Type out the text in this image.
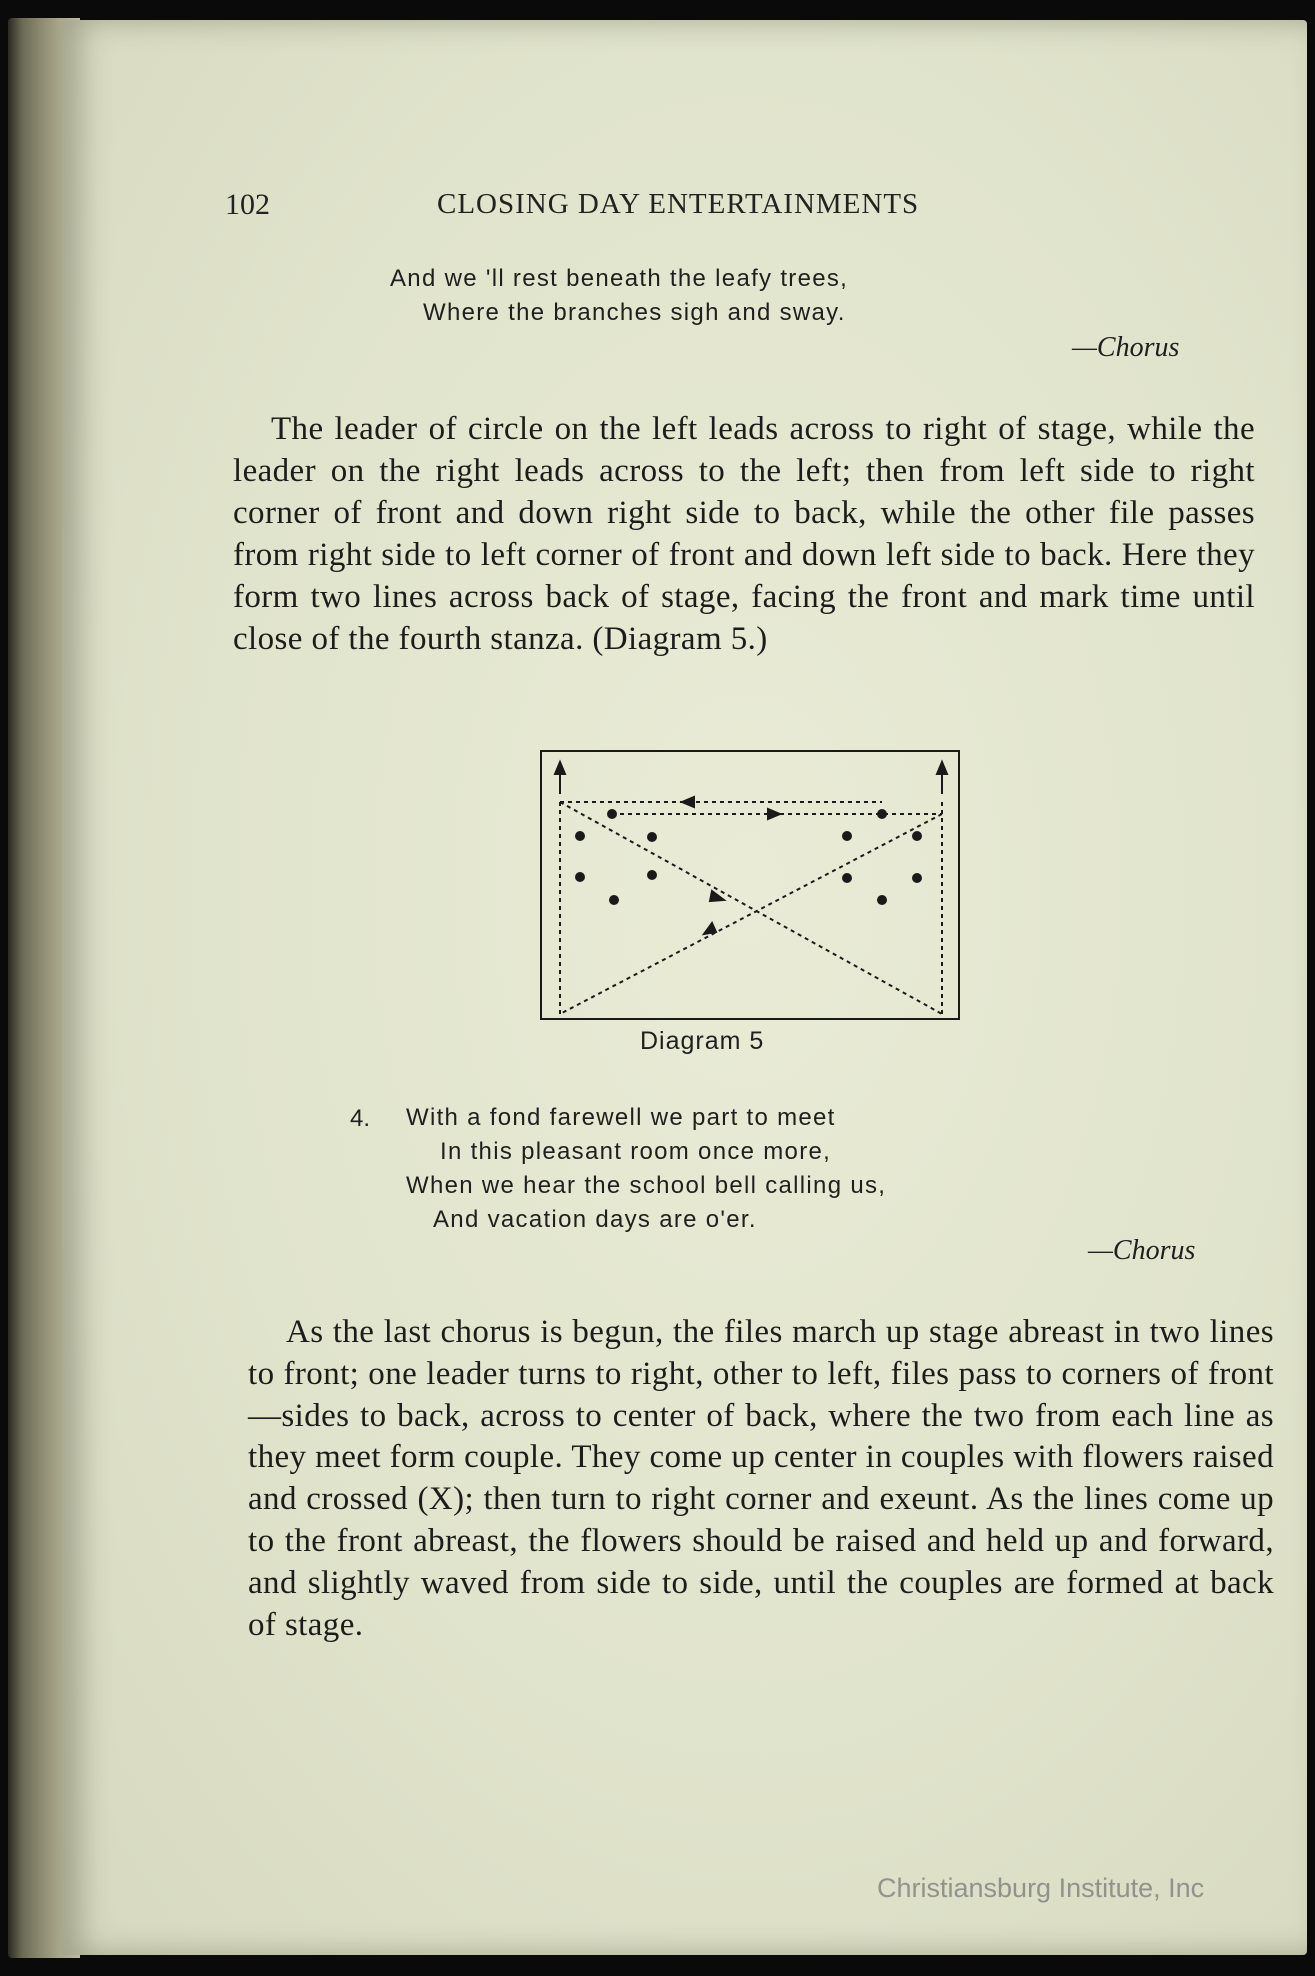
102	CLOSING DAY ENTERTAINMENTS
And we 'll rest beneath the leafy trees,
Where the branches sigh and sway.
—Chorus
The leader of circle on the left leads across to right of stage, while the leader on the right leads across to the left; then from left side to right corner of front and down right side to back, while the other file passes from right side to left corner of front and down left side to back. Here they form two lines across back of stage, facing the front and mark time until close of the fourth stanza. (Diagram 5.)
Diagram 5
4. With a fond farewell we part to meet
In this pleasant room once more,
When we hear the school bell calling us,
And vacation days are o'er.
—Chorus
As the last chorus is begun, the files march up stage abreast in two lines to front; one leader turns to right, other to left, files pass to corners of front—sides to back, across to center of back, where the two from each line as they meet form couple. They come up center in couples with flowers raised and crossed (X); then turn to right corner and exeunt. As the lines come up to the front abreast, the flowers should be raised and held up and forward, and slightly waved from side to side, until the couples are formed at back of stage.
Christiansburg Institute, Inc
